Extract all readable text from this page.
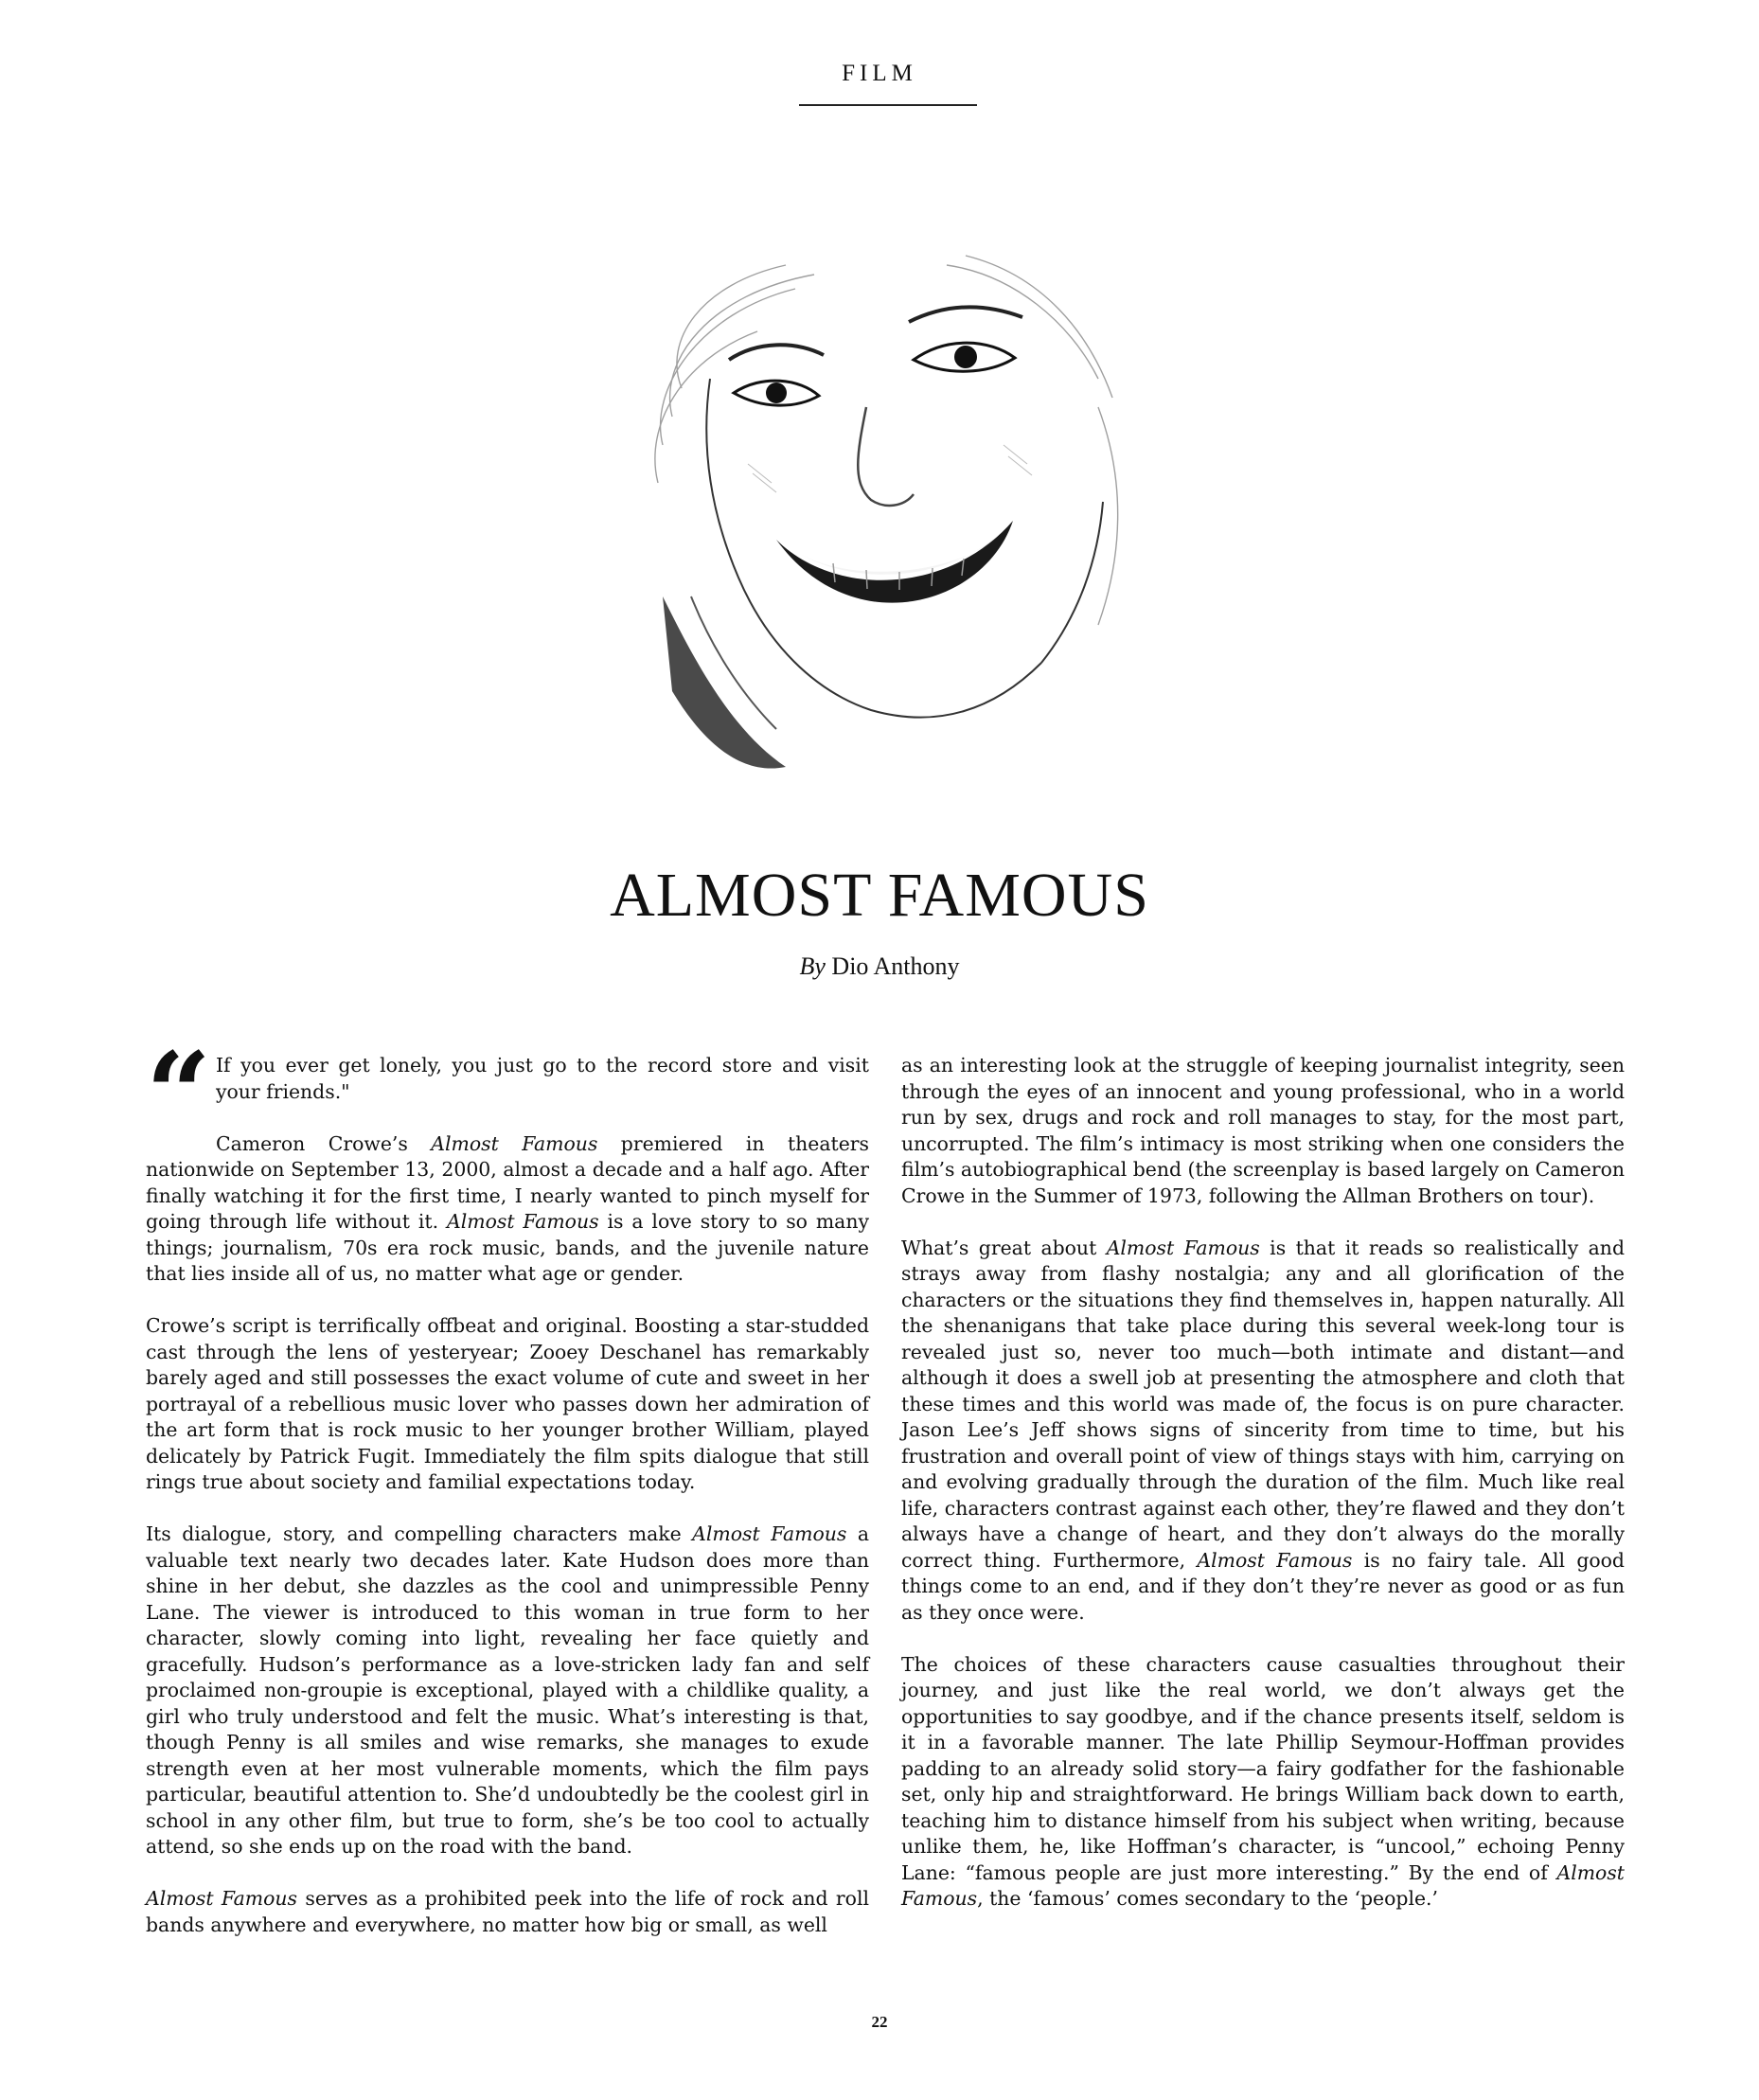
FILM
ALMOST FAMOUS
By Dio Anthony
“ If you ever get lonely, you just go to the record store and visit your friends."

Cameron Crowe’s Almost Famous premiered in theaters nationwide on September 13, 2000, almost a decade and a half ago. After finally watching it for the first time, I nearly wanted to pinch myself for going through life without it. Almost Famous is a love story to so many things; journalism, 70s era rock music, bands, and the juvenile nature that lies inside all of us, no matter what age or gender.

Crowe’s script is terrifically offbeat and original. Boosting a star-studded cast through the lens of yesteryear; Zooey Deschanel has remarkably barely aged and still possesses the exact volume of cute and sweet in her portrayal of a rebellious music lover who passes down her admiration of the art form that is rock music to her younger brother William, played delicately by Patrick Fugit. Immediately the film spits dialogue that still rings true about society and familial expectations today.

Its dialogue, story, and compelling characters make Almost Famous a valuable text nearly two decades later. Kate Hudson does more than shine in her debut, she dazzles as the cool and unimpressible Penny Lane. The viewer is introduced to this woman in true form to her character, slowly coming into light, revealing her face quietly and gracefully. Hudson’s performance as a love-stricken lady fan and self proclaimed non-groupie is exceptional, played with a childlike quality, a girl who truly understood and felt the music. What’s interesting is that, though Penny is all smiles and wise remarks, she manages to exude strength even at her most vulnerable moments, which the film pays particular, beautiful attention to. She’d undoubtedly be the coolest girl in school in any other film, but true to form, she’s be too cool to actually attend, so she ends up on the road with the band.

Almost Famous serves as a prohibited peek into the life of rock and roll bands anywhere and everywhere, no matter how big or small, as well

as an interesting look at the struggle of keeping journalist integrity, seen through the eyes of an innocent and young professional, who in a world run by sex, drugs and rock and roll manages to stay, for the most part, uncorrupted. The film’s intimacy is most striking when one considers the film’s autobiographical bend (the screenplay is based largely on Cameron Crowe in the Summer of 1973, following the Allman Brothers on tour).

What’s great about Almost Famous is that it reads so realistically and strays away from flashy nostalgia; any and all glorification of the characters or the situations they find themselves in, happen naturally. All the shenanigans that take place during this several week-long tour is revealed just so, never too much—both intimate and distant—and although it does a swell job at presenting the atmosphere and cloth that these times and this world was made of, the focus is on pure character. Jason Lee’s Jeff shows signs of sincerity from time to time, but his frustration and overall point of view of things stays with him, carrying on and evolving gradually through the duration of the film. Much like real life, characters contrast against each other, they’re flawed and they don’t always have a change of heart, and they don’t always do the morally correct thing. Furthermore, Almost Famous is no fairy tale. All good things come to an end, and if they don’t they’re never as good or as fun as they once were.

The choices of these characters cause casualties throughout their journey, and just like the real world, we don’t always get the opportunities to say goodbye, and if the chance presents itself, seldom is it in a favorable manner. The late Phillip Seymour-Hoffman provides padding to an already solid story—a fairy godfather for the fashionable set, only hip and straightforward. He brings William back down to earth, teaching him to distance himself from his subject when writing, because unlike them, he, like Hoffman’s character, is “uncool,” echoing Penny Lane: “famous people are just more interesting.” By the end of Almost Famous, the ‘famous’ comes secondary to the ‘people.’

22
